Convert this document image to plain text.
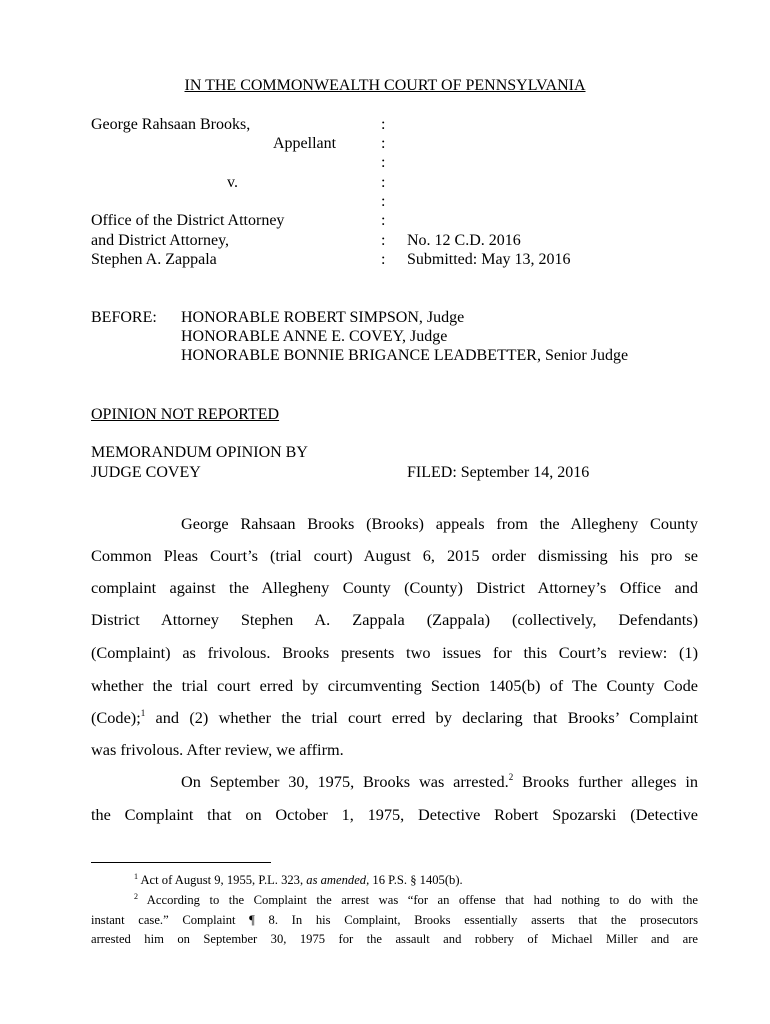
IN THE COMMONWEALTH COURT OF PENNSYLVANIA
George Rahsaan Brooks,
Appellant
v.
Office of the District Attorney
and District Attorney,
Stephen A. Zappala
:
:
:
:
:
:
:
:
No. 12 C.D. 2016
Submitted: May 13, 2016
BEFORE: HONORABLE ROBERT SIMPSON, Judge
HONORABLE ANNE E. COVEY, Judge
HONORABLE BONNIE BRIGANCE LEADBETTER, Senior Judge
OPINION NOT REPORTED
MEMORANDUM OPINION BY
JUDGE COVEY	FILED: September 14, 2016
George Rahsaan Brooks (Brooks) appeals from the Allegheny County
Common Pleas Court’s (trial court) August 6, 2015 order dismissing his pro se
complaint against the Allegheny County (County) District Attorney’s Office and
District Attorney Stephen A. Zappala (Zappala) (collectively, Defendants)
(Complaint) as frivolous. Brooks presents two issues for this Court’s review: (1)
whether the trial court erred by circumventing Section 1405(b) of The County Code
(Code);$^1$ and (2) whether the trial court erred by declaring that Brooks’ Complaint
was frivolous. After review, we affirm.
On September 30, 1975, Brooks was arrested.$^2$ Brooks further alleges in
the Complaint that on October 1, 1975, Detective Robert Spozarski (Detective
$^1$ Act of August 9, 1955, P.L. 323, as amended, 16 P.S. § 1405(b).
$^2$ According to the Complaint the arrest was “for an offense that had nothing to do with the
instant case.” Complaint ¶ 8. In his Complaint, Brooks essentially asserts that the prosecutors
arrested him on September 30, 1975 for the assault and robbery of Michael Miller and are
